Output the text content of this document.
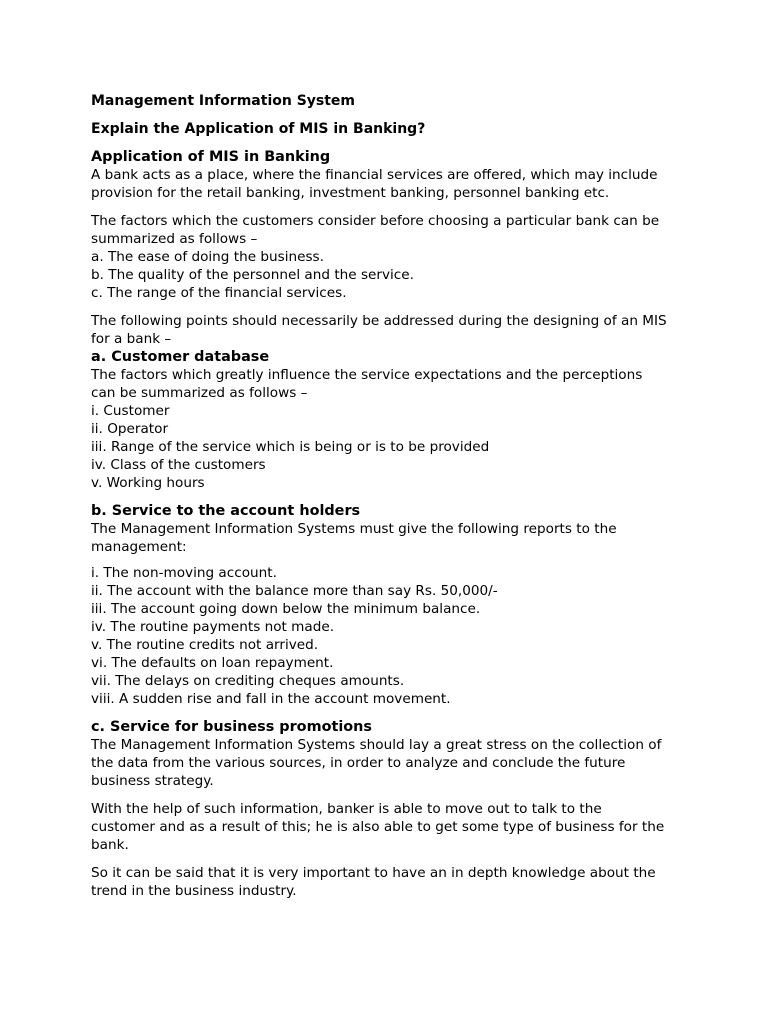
Management Information System
Explain the Application of MIS in Banking?
Application of MIS in Banking
A bank acts as a place, where the financial services are offered, which may include
provision for the retail banking, investment banking, personnel banking etc.
The factors which the customers consider before choosing a particular bank can be
summarized as follows –
a. The ease of doing the business.
b. The quality of the personnel and the service.
c. The range of the financial services.
The following points should necessarily be addressed during the designing of an MIS
for a bank –
a. Customer database
The factors which greatly influence the service expectations and the perceptions
can be summarized as follows –
i. Customer
ii. Operator
iii. Range of the service which is being or is to be provided
iv. Class of the customers
v. Working hours
b. Service to the account holders
The Management Information Systems must give the following reports to the
management:
i. The non-moving account.
ii. The account with the balance more than say Rs. 50,000/-
iii. The account going down below the minimum balance.
iv. The routine payments not made.
v. The routine credits not arrived.
vi. The defaults on loan repayment.
vii. The delays on crediting cheques amounts.
viii. A sudden rise and fall in the account movement.
c. Service for business promotions
The Management Information Systems should lay a great stress on the collection of
the data from the various sources, in order to analyze and conclude the future
business strategy.
With the help of such information, banker is able to move out to talk to the
customer and as a result of this; he is also able to get some type of business for the
bank.
So it can be said that it is very important to have an in depth knowledge about the
trend in the business industry.
